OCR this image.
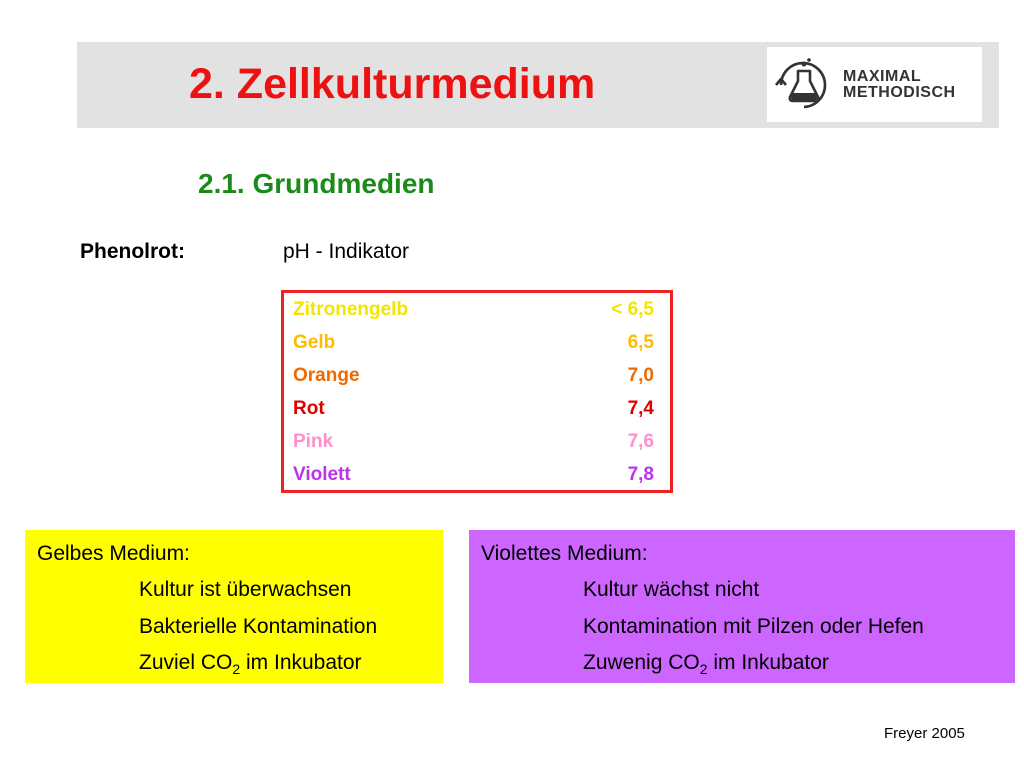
2. Zellkulturmedium	MAXIMAL
METHODISCH
2.1. Grundmedien
Phenolrot:	pH - Indikator
Zitronengelb	< 6,5
Gelb	6,5
Orange	7,0
Rot	7,4
Pink	7,6
Violett	7,8
Gelbes Medium:
Kultur ist überwachsen
Bakterielle Kontamination
Zuviel $CO_2$ im Inkubator
Violettes Medium:
Kultur wächst nicht
Kontamination mit Pilzen oder Hefen
Zuwenig $CO_2$ im Inkubator
Freyer 2005
